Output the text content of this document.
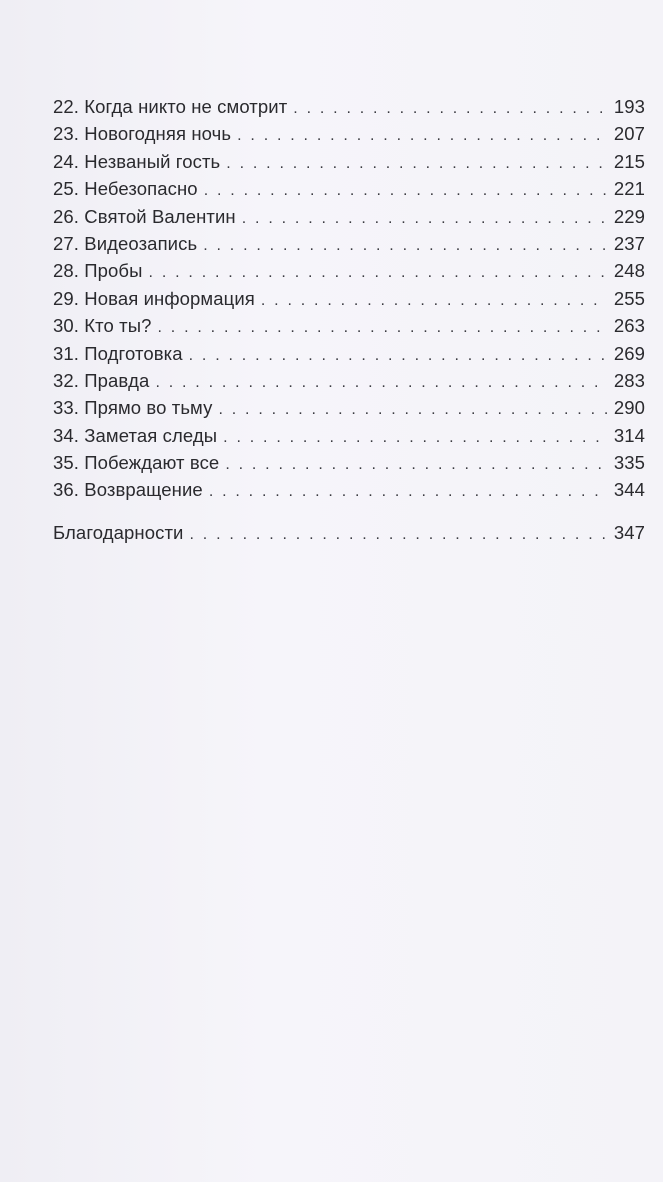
22. Когда никто не смотрит . . .	193
23. Новогодняя ночь . . .	207
24. Незваный гость . . .	215
25. Небезопасно . . .	221
26. Святой Валентин . . .	229
27. Видеозапись . . .	237
28. Пробы . . .	248
29. Новая информация . . .	255
30. Кто ты? . . .	263
31. Подготовка . . .	269
32. Правда . . .	283
33. Прямо во тьму . . .	290
34. Заметая следы . . .	314
35. Побеждают все . . .	335
36. Возвращение . . .	344
Благодарности . . .	347
